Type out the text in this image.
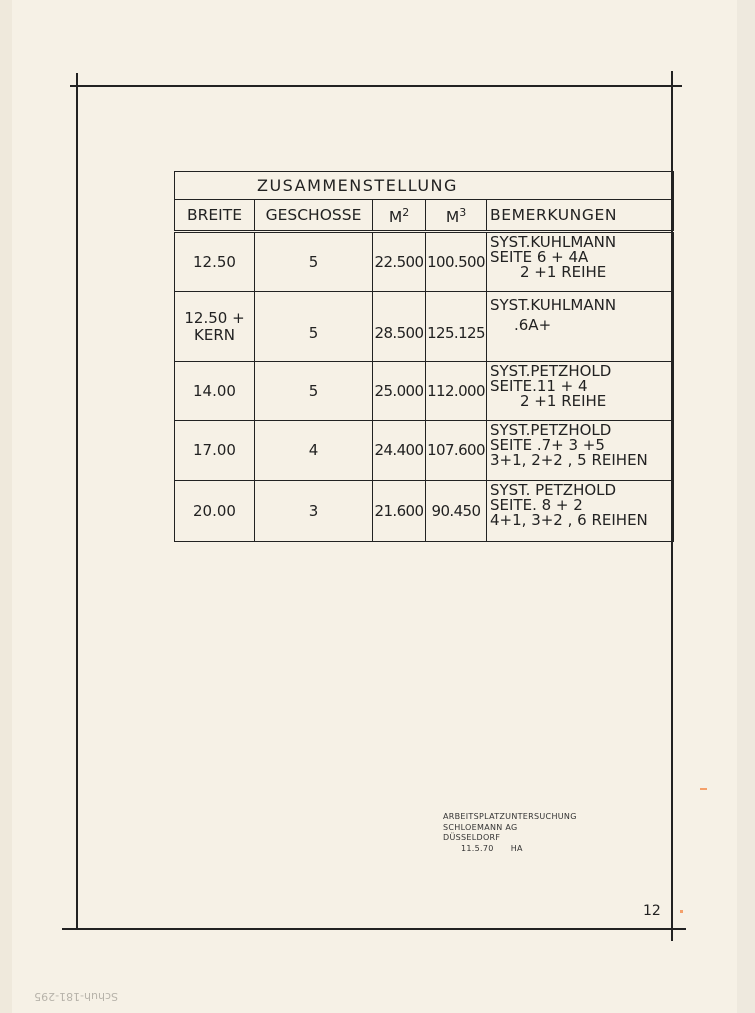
ZUSAMMENSTELLUNG				
BREITE	GESCHOSSE	$M^2$	$M^3$	BEMERKUNGEN
12.50	5	22.500	100.500	SYST.KUHLMANN
SEITE 6 + 4A
2 +1 REIHE

12.50 +
KERN	5	28.500	125.125	SYST.KUHLMANN
.6A+

14.00	5	25.000	112.000	SYST.PETZHOLD
SEITE.11 + 4
2 +1 REIHE

17.00	4	24.400	107.600	SYST.PETZHOLD
SEITE .7+ 3 +5
3+1, 2+2 , 5 REIHEN

20.00	3	21.600	90.450	SYST. PETZHOLD
SEITE. 8 + 2
4+1, 3+2 , 6 REIHEN
ARBEITSPLATZUNTERSUCHUNG
SCHLOEMANN AG
DÜSSELDORF
11.5.70 HA
12
Schuh-181-295
